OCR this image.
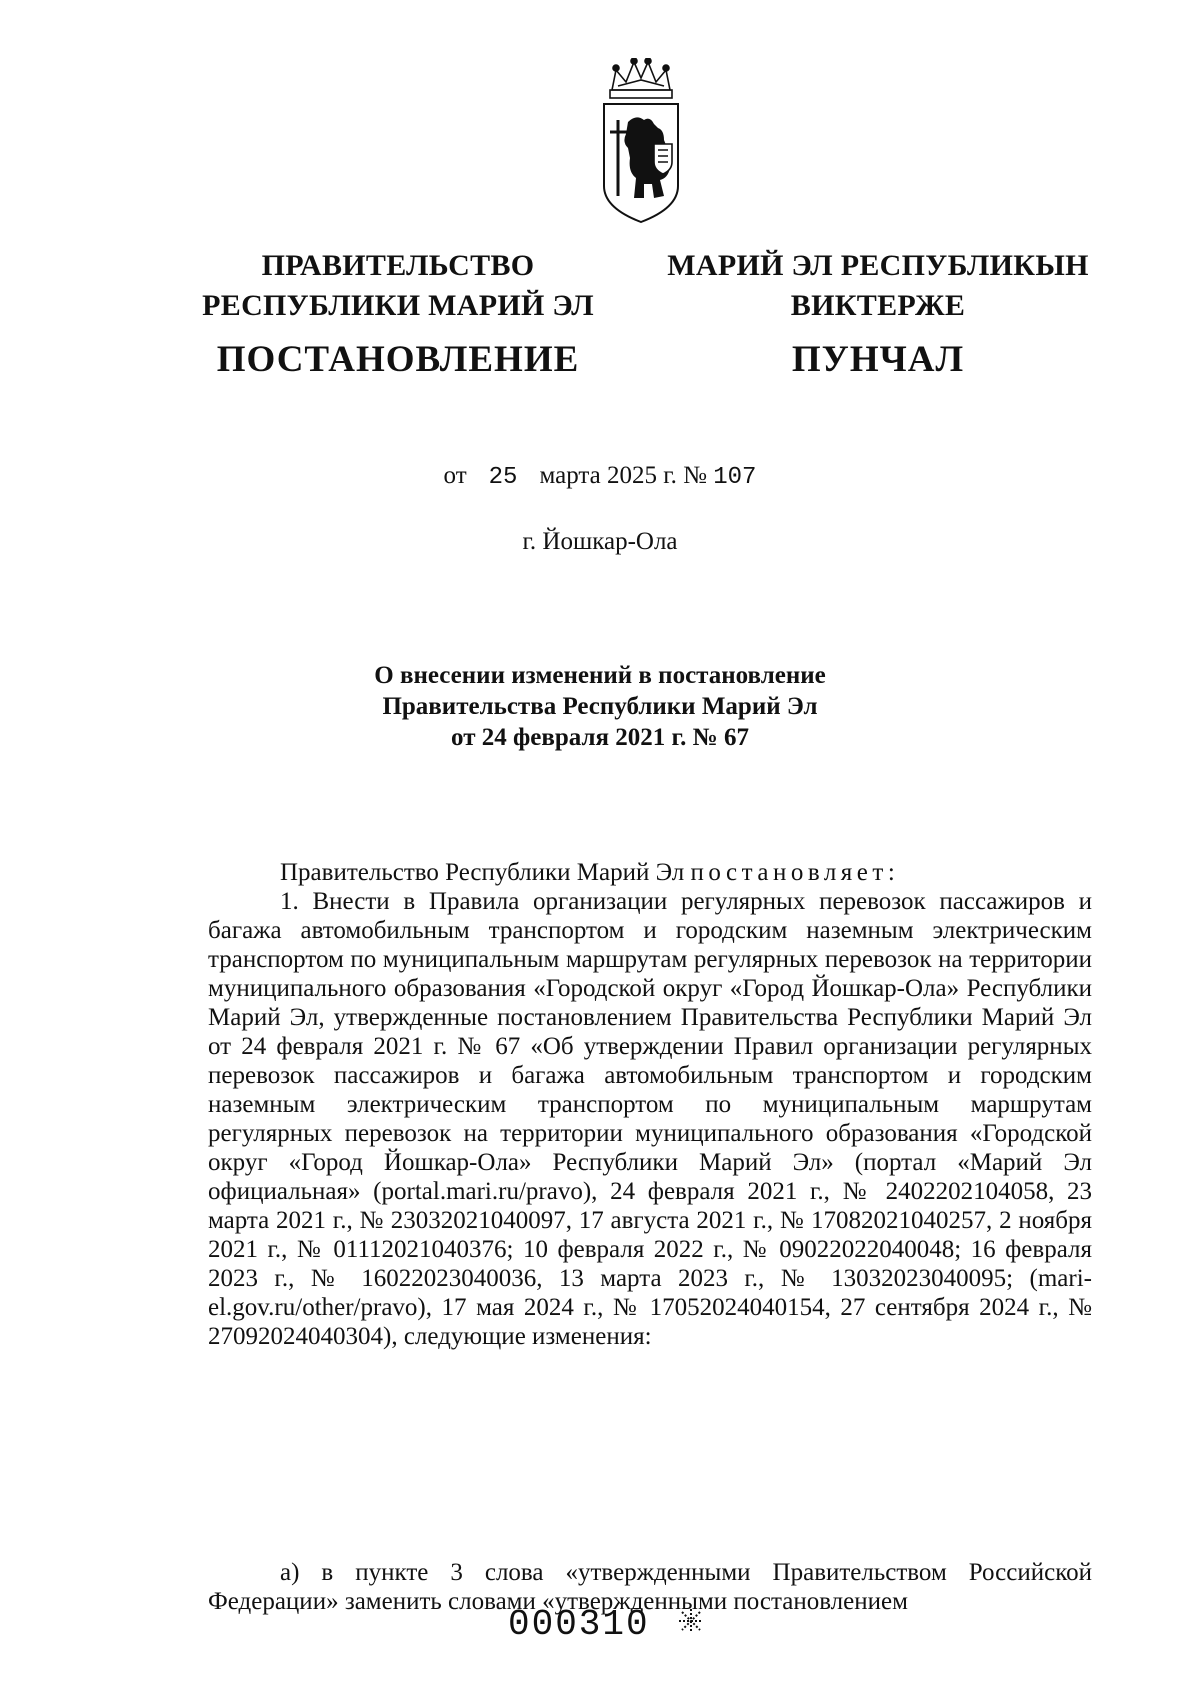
ПРАВИТЕЛЬСТВО
РЕСПУБЛИКИ МАРИЙ ЭЛ
ПОСТАНОВЛЕНИЕ
МАРИЙ ЭЛ РЕСПУБЛИКЫН
ВИКТЕРЖЕ
ПУНЧАЛ
от 25 марта 2025 г. № 107
г. Йошкар-Ола
О внесении изменений в постановление
Правительства Республики Марий Эл
от 24 февраля 2021 г. № 67
Правительство Республики Марий Эл постановляет:
1. Внести в Правила организации регулярных перевозок пассажиров и багажа автомобильным транспортом и городским наземным электрическим транспортом по муниципальным маршрутам регулярных перевозок на территории муниципального образования «Городской округ «Город Йошкар-Ола» Республики Марий Эл, утвержденные постановлением Правительства Республики Марий Эл от 24 февраля 2021 г. № 67 «Об утверждении Правил организации регулярных перевозок пассажиров и багажа автомобильным транспортом и городским наземным электрическим транспортом по муниципальным маршрутам регулярных перевозок на территории муниципального образования «Городской округ «Город Йошкар-Ола» Республики Марий Эл» (портал «Марий Эл официальная» (portal.mari.ru/pravo), 24 февраля 2021 г., № 2402202104058, 23 марта 2021 г., № 23032021040097, 17 августа 2021 г., № 17082021040257, 2 ноября 2021 г., № 01112021040376; 10 февраля 2022 г., № 09022022040048; 16 февраля 2023 г., № 16022023040036, 13 марта 2023 г., № 13032023040095; (mari-el.gov.ru/other/pravo), 17 мая 2024 г., № 17052024040154, 27 сентября 2024 г., № 27092024040304), следующие изменения:
а) в пункте 3 слова «утвержденными Правительством Российской Федерации» заменить словами «утвержденными постановлением
000310
